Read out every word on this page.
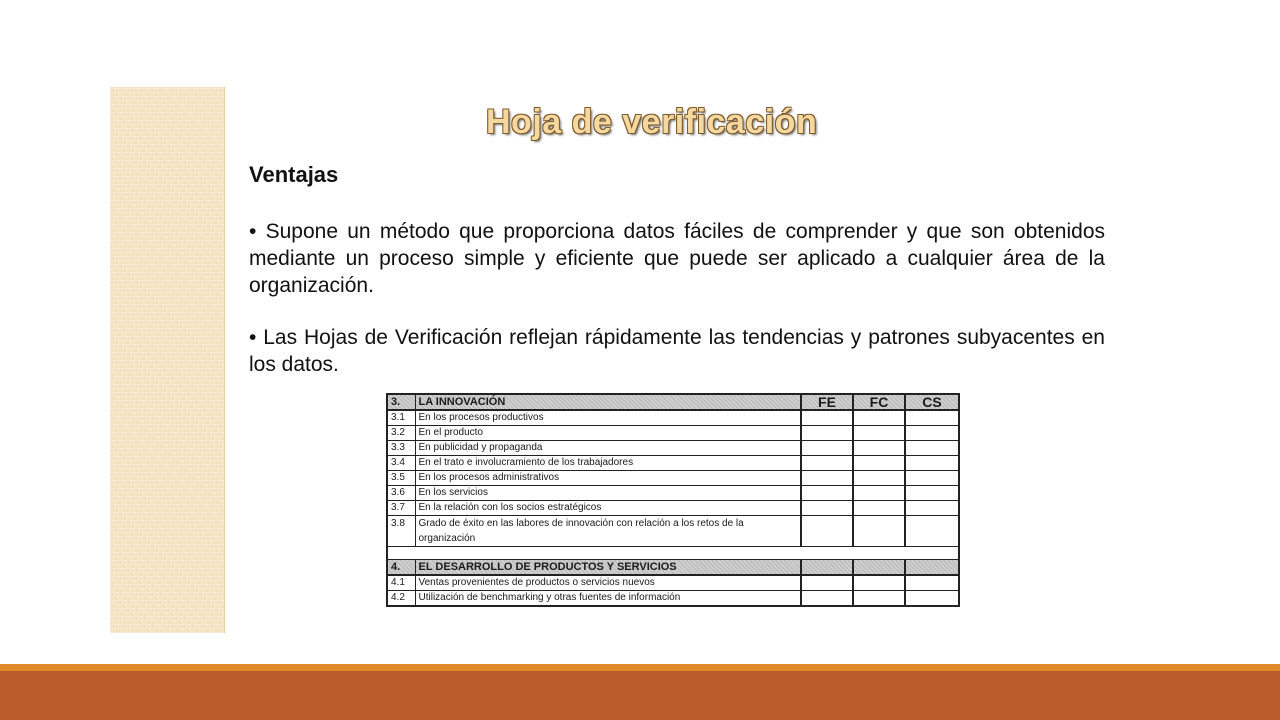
Hoja de verificación
Ventajas

• Supone un método que proporciona datos fáciles de comprender y que son obtenidos mediante un proceso simple y eficiente que puede ser aplicado a cualquier área de la organización.

• Las Hojas de Verificación reflejan rápidamente las tendencias y patrones subyacentes en los datos.

3.	LA INNOVACIÓN	FE	FC	CS
3.1	En los procesos productivos			
3.2	En el producto			
3.3	En publicidad y propaganda			
3.4	En el trato e involucramiento de los trabajadores			
3.5	En los procesos administrativos			
3.6	En los servicios			
3.7	En la relación con los socios estratégicos			
3.8	Grado de éxito en las labores de innovación con relación a los retos de la organización			

4.	EL DESARROLLO DE PRODUCTOS Y SERVICIOS			
4.1	Ventas provenientes de productos o servicios nuevos			
4.2	Utilización de benchmarking y otras fuentes de información			
